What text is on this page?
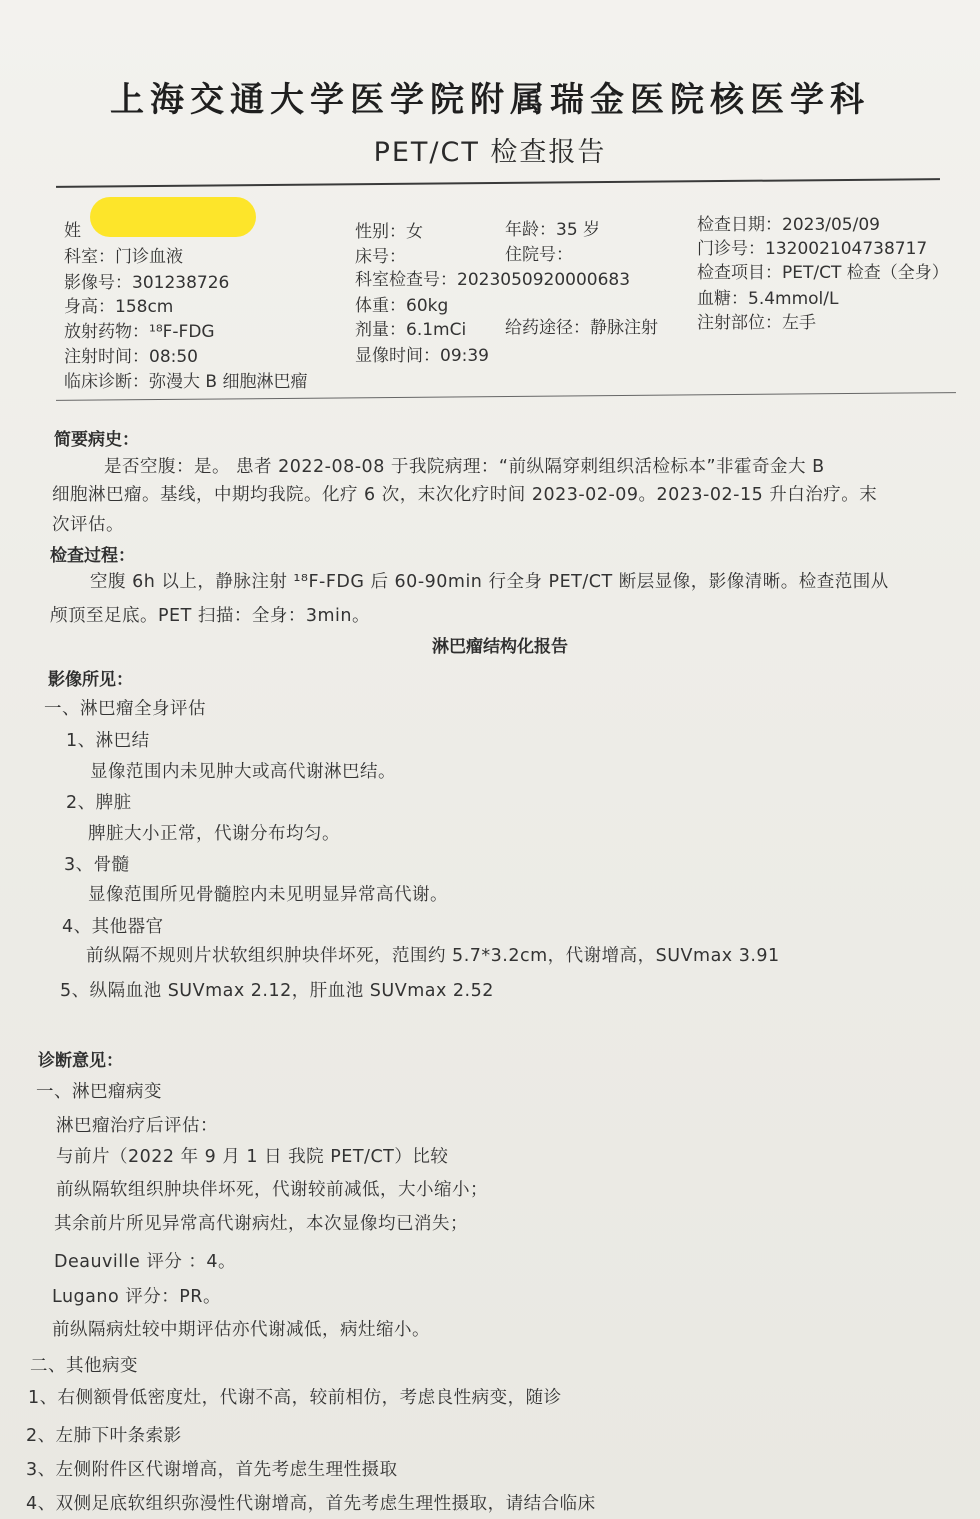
上海交通大学医学院附属瑞金医院核医学科
PET/CT 检查报告
姓	性别：女	年龄：35 岁	检查日期：2023/05/09
科室：门诊血液	床号：	住院号：	门诊号：132002104738717
影像号：301238726	科室检查号：2023050920000683	检查项目：PET/CT 检查（全身）
身高：158cm	体重：60kg	血糖：5.4mmol/L
放射药物：¹⁸F-FDG	剂量：6.1mCi 给药途径：静脉注射 注射部位：左手
注射时间：08:50	显像时间：09:39
临床诊断：弥漫大 B 细胞淋巴瘤
简要病史：
是否空腹：是。 患者 2022-08-08 于我院病理：“前纵隔穿刺组织活检标本”非霍奇金大 B
细胞淋巴瘤。基线，中期均我院。化疗 6 次，末次化疗时间 2023-02-09。2023-02-15 升白治疗。末
次评估。
检查过程：
空腹 6h 以上，静脉注射 ¹⁸F-FDG 后 60-90min 行全身 PET/CT 断层显像，影像清晰。检查范围从
颅顶至足底。PET 扫描：全身：3min。
淋巴瘤结构化报告
影像所见：
一、淋巴瘤全身评估
1、淋巴结
显像范围内未见肿大或高代谢淋巴结。
2、脾脏
脾脏大小正常，代谢分布均匀。
3、骨髓
显像范围所见骨髓腔内未见明显异常高代谢。
4、其他器官
前纵隔不规则片状软组织肿块伴坏死，范围约 5.7*3.2cm，代谢增高，SUVmax 3.91
5、纵隔血池 SUVmax 2.12，肝血池 SUVmax 2.52
诊断意见：
一、淋巴瘤病变
淋巴瘤治疗后评估：
与前片（2022 年 9 月 1 日 我院 PET/CT）比较
前纵隔软组织肿块伴坏死，代谢较前减低，大小缩小；
其余前片所见异常高代谢病灶，本次显像均已消失；
Deauville 评分 ：4。
Lugano 评分：PR。
前纵隔病灶较中期评估亦代谢减低，病灶缩小。
二、其他病变
1、右侧额骨低密度灶，代谢不高，较前相仿，考虑良性病变，随诊
2、左肺下叶条索影
3、左侧附件区代谢增高，首先考虑生理性摄取
4、双侧足底软组织弥漫性代谢增高，首先考虑生理性摄取，请结合临床
